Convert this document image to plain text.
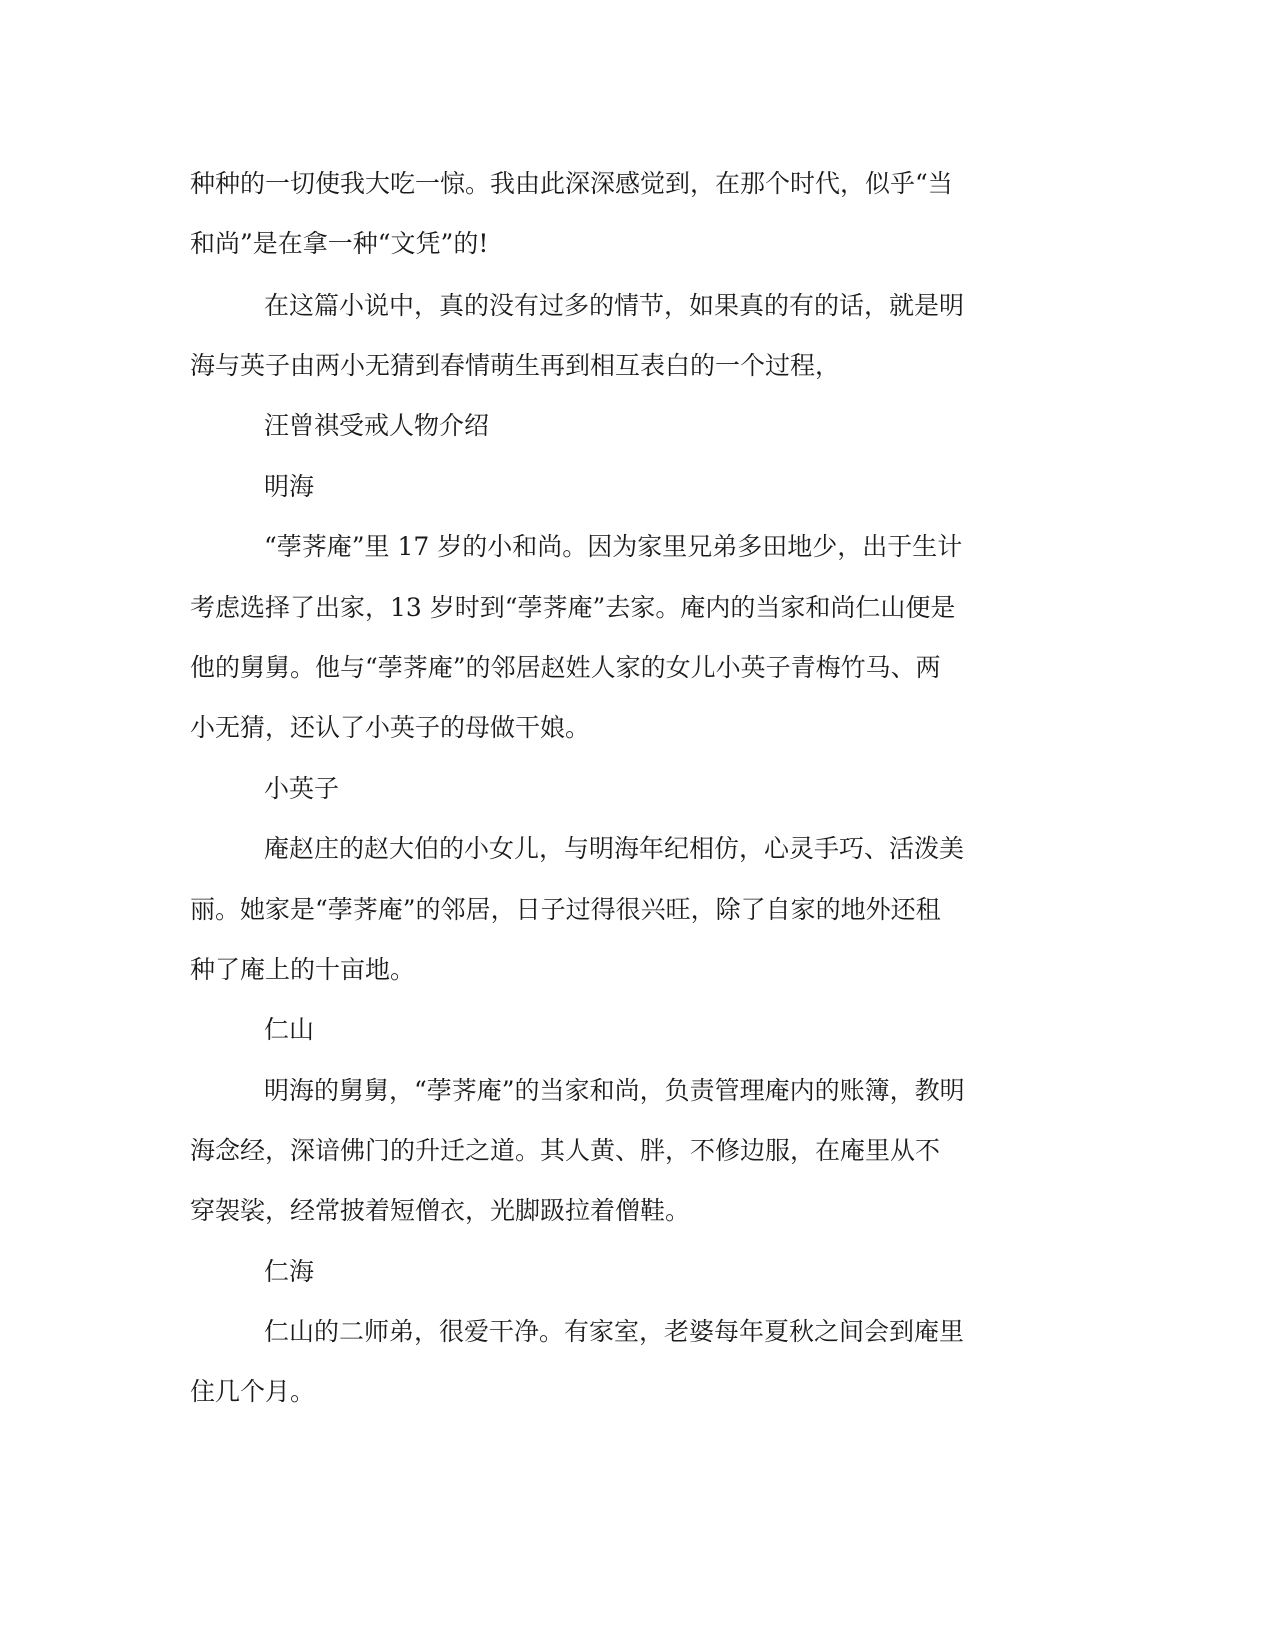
种种的一切使我大吃一惊。我由此深深感觉到，在那个时代，似乎“当

和尚”是在拿一种“文凭”的!

在这篇小说中，真的没有过多的情节，如果真的有的话，就是明

海与英子由两小无猜到春情萌生再到相互表白的一个过程，

汪曾祺受戒人物介绍

明海

“荸荠庵”里 17 岁的小和尚。因为家里兄弟多田地少，出于生计

考虑选择了出家，13 岁时到“荸荠庵”去家。庵内的当家和尚仁山便是

他的舅舅。他与“荸荠庵”的邻居赵姓人家的女儿小英子青梅竹马、两

小无猜，还认了小英子的母做干娘。

小英子

庵赵庄的赵大伯的小女儿，与明海年纪相仿，心灵手巧、活泼美

丽。她家是“荸荠庵”的邻居，日子过得很兴旺，除了自家的地外还租

种了庵上的十亩地。

仁山

明海的舅舅，“荸荠庵”的当家和尚，负责管理庵内的账簿，教明

海念经，深谙佛门的升迁之道。其人黄、胖，不修边服，在庵里从不

穿袈裟，经常披着短僧衣，光脚趿拉着僧鞋。

仁海

仁山的二师弟，很爱干净。有家室，老婆每年夏秋之间会到庵里

住几个月。
